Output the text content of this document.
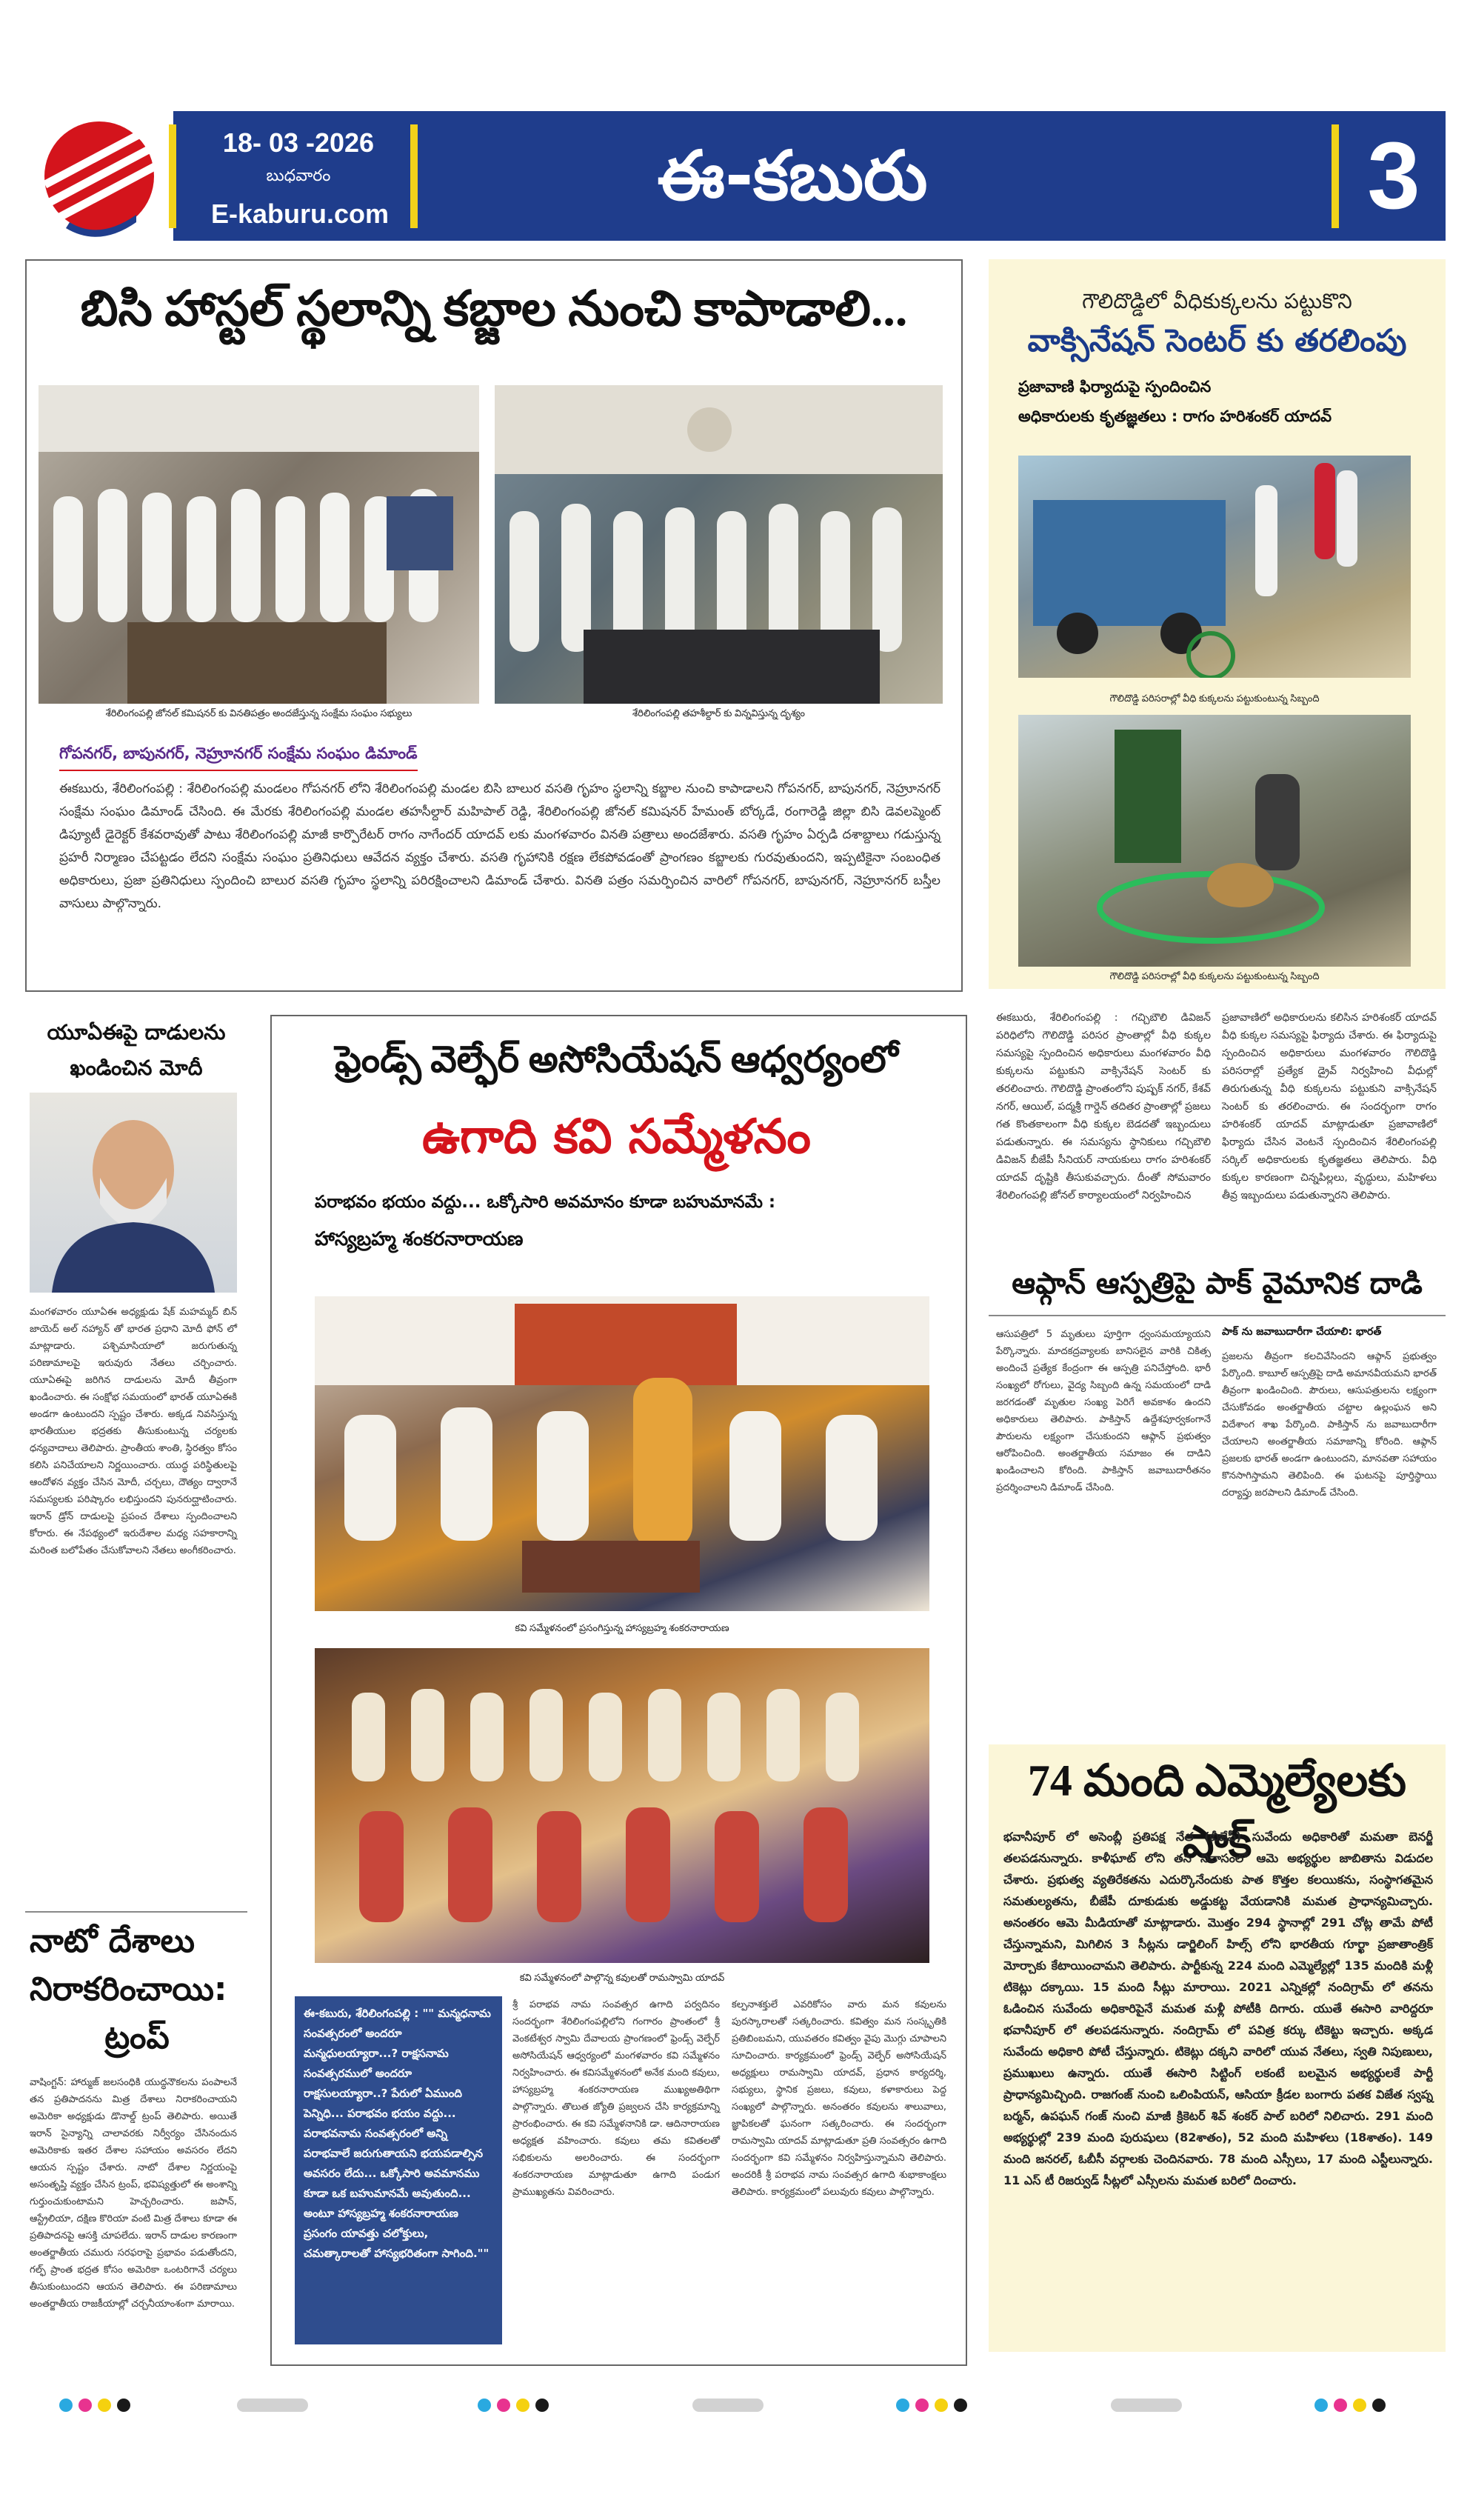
18- 03 -2026
బుధవారం
E-kaburu.com	ఈ-కబురు	3
బిసి హాస్టల్ స్థలాన్ని కబ్జాల నుంచి కాపాడాలి...
శేరిలింగంపల్లి జోనల్ కమిషనర్ కు వినతిపత్రం అందజేస్తున్న సంక్షేమ సంఘం సభ్యులు	శేరిలింగంపల్లి తహశీల్దార్ కు విన్నవిస్తున్న దృశ్యం
గోపనగర్, బాపునగర్, నెహ్రూనగర్ సంక్షేమ సంఘం డిమాండ్
ఈకబురు, శేరిలింగంపల్లి : శేరిలింగంపల్లి మండలం గోపనగర్ లోని శేరిలింగంపల్లి మండల బిసి బాలుర వసతి గృహం స్థలాన్ని కబ్జాల నుంచి కాపాడాలని గోపనగర్, బాపునగర్, నెహ్రూనగర్ సంక్షేమ సంఘం డిమాండ్ చేసింది. ఈ మేరకు శేరిలింగంపల్లి మండల తహసీల్దార్ మహిపాల్ రెడ్డి, శేరిలింగంపల్లి జోనల్ కమిషనర్ హేమంత్ బోర్కడే, రంగారెడ్డి జిల్లా బిసి డెవలప్మెంట్ డిప్యూటీ డైరెక్టర్ కేశవరావుతో పాటు శేరిలింగంపల్లి మాజీ కార్పొరేటర్ రాగం నాగేందర్ యాదవ్ లకు మంగళవారం వినతి పత్రాలు అందజేశారు. వసతి గృహం ఏర్పడి దశాబ్దాలు గడుస్తున్న ప్రహరీ నిర్మాణం చేపట్టడం లేదని సంక్షేమ సంఘం ప్రతినిధులు ఆవేదన వ్యక్తం చేశారు. వసతి గృహానికి రక్షణ లేకపోవడంతో ప్రాంగణం కబ్జాలకు గురవుతుందని, ఇప్పటికైనా సంబంధిత అధికారులు, ప్రజా ప్రతినిధులు స్పందించి బాలుర వసతి గృహం స్థలాన్ని పరిరక్షించాలని డిమాండ్ చేశారు. వినతి పత్రం సమర్పించిన వారిలో గోపనగర్, బాపునగర్, నెహ్రూనగర్ బస్తీల వాసులు పాల్గొన్నారు.
గౌలిదొడ్డిలో వీధికుక్కలను పట్టుకొని
వాక్సినేషన్ సెంటర్ కు తరలింపు
ప్రజావాణి ఫిర్యాదుపై స్పందించిన
అధికారులకు కృతజ్ఞతలు : రాగం హరిశంకర్ యాదవ్
గౌలిదొడ్డి పరిసరాల్లో వీధి కుక్కలను పట్టుకుంటున్న సిబ్బంది
గౌలిదొడ్డి పరిసరాల్లో వీధి కుక్కలను పట్టుకుంటున్న సిబ్బంది
ఈకబురు, శేరిలింగంపల్లి : గచ్చిబౌలి డివిజన్ పరిధిలోని గౌలిదొడ్డి పరిసర ప్రాంతాల్లో వీధి కుక్కల సమస్యపై స్పందించిన అధికారులు మంగళవారం వీధి కుక్కలను పట్టుకుని వాక్సినేషన్ సెంటర్ కు తరలించారు. గౌలిదొడ్డి ప్రాంతంలోని పుష్పక్ నగర్, కేశవ్ నగర్, ఆయిల్, పద్మశ్రీ గార్డెన్ తదితర ప్రాంతాల్లో ప్రజలు గత కొంతకాలంగా వీధి కుక్కల బెడదతో ఇబ్బందులు పడుతున్నారు. ఈ సమస్యను స్థానికులు గచ్చిబౌలి డివిజన్ బీజేపీ సీనియర్ నాయకులు రాగం హరిశంకర్ యాదవ్ దృష్టికి తీసుకువచ్చారు. దీంతో సోమవారం శేరిలింగంపల్లి జోనల్ కార్యాలయంలో నిర్వహించిన
ప్రజావాణిలో అధికారులను కలిసిన హరిశంకర్ యాదవ్ వీధి కుక్కల సమస్యపై ఫిర్యాదు చేశారు. ఈ ఫిర్యాదుపై స్పందించిన అధికారులు మంగళవారం గౌలిదొడ్డి పరిసరాల్లో ప్రత్యేక డ్రైవ్ నిర్వహించి వీధుల్లో తిరుగుతున్న వీధి కుక్కలను పట్టుకుని వాక్సినేషన్ సెంటర్ కు తరలించారు. ఈ సందర్భంగా రాగం హరిశంకర్ యాదవ్ మాట్లాడుతూ ప్రజావాణిలో ఫిర్యాదు చేసిన వెంటనే స్పందించిన శేరిలింగంపల్లి సర్కిల్ అధికారులకు కృతజ్ఞతలు తెలిపారు. వీధి కుక్కల కారణంగా చిన్నపిల్లలు, వృద్ధులు, మహిళలు తీవ్ర ఇబ్బందులు పడుతున్నారని తెలిపారు.
యూఏఈపై దాడులను ఖండించిన మోదీ
మంగళవారం యూఏఈ అధ్యక్షుడు షేక్ మహమ్మద్ బిన్ జాయెద్ అల్ నహ్యాన్ తో భారత ప్రధాని మోదీ ఫోన్ లో మాట్లాడారు. పశ్చిమాసియాలో జరుగుతున్న పరిణామాలపై ఇరువురు నేతలు చర్చించారు. యూఏఈపై జరిగిన దాడులను మోదీ తీవ్రంగా ఖండించారు. ఈ సంక్షోభ సమయంలో భారత్ యూఏఈకి అండగా ఉంటుందని స్పష్టం చేశారు. అక్కడ నివసిస్తున్న భారతీయుల భద్రతకు తీసుకుంటున్న చర్యలకు ధన్యవాదాలు తెలిపారు. ప్రాంతీయ శాంతి, స్థిరత్వం కోసం కలిసి పనిచేయాలని నిర్ణయించారు. యుద్ధ పరిస్థితులపై ఆందోళన వ్యక్తం చేసిన మోదీ, చర్చలు, దౌత్యం ద్వారానే సమస్యలకు పరిష్కారం లభిస్తుందని పునరుద్ఘాటించారు. ఇరాన్ డ్రోన్ దాడులపై ప్రపంచ దేశాలు స్పందించాలని కోరారు. ఈ నేపథ్యంలో ఇరుదేశాల మధ్య సహకారాన్ని మరింత బలోపేతం చేసుకోవాలని నేతలు అంగీకరించారు.
నాటో దేశాలు
నిరాకరించాయి:
ట్రంప్
వాషింగ్టన్: హార్ముజ్ జలసంధికి యుద్ధనౌకలను పంపాలనే తన ప్రతిపాదనను మిత్ర దేశాలు నిరాకరించాయని అమెరికా అధ్యక్షుడు డొనాల్డ్ ట్రంప్ తెలిపారు. అయితే ఇరాన్ సైన్యాన్ని చాలావరకు నిర్వీర్యం చేసినందున అమెరికాకు ఇతర దేశాల సహాయం అవసరం లేదని ఆయన స్పష్టం చేశారు. నాటో దేశాల నిర్ణయంపై అసంతృప్తి వ్యక్తం చేసిన ట్రంప్, భవిష్యత్తులో ఈ అంశాన్ని గుర్తుంచుకుంటామని హెచ్చరించారు. జపాన్, ఆస్ట్రేలియా, దక్షిణ కొరియా వంటి మిత్ర దేశాలు కూడా ఈ ప్రతిపాదనపై ఆసక్తి చూపలేదు. ఇరాన్ దాడుల కారణంగా అంతర్జాతీయ చమురు సరఫరాపై ప్రభావం పడుతోందని, గల్ఫ్ ప్రాంత భద్రత కోసం అమెరికా ఒంటరిగానే చర్యలు తీసుకుంటుందని ఆయన తెలిపారు. ఈ పరిణామాలు అంతర్జాతీయ రాజకీయాల్లో చర్చనీయాంశంగా మారాయి.
ఫ్రెండ్స్ వెల్ఫేర్ అసోసియేషన్ ఆధ్వర్యంలో
ఉగాది కవి సమ్మేళనం
పరాభవం భయం వద్దు... ఒక్కోసారి అవమానం కూడా బహుమానమే :
హాస్యబ్రహ్మ శంకరనారాయణ
కవి సమ్మేళనంలో ప్రసంగిస్తున్న హాస్యబ్రహ్మ శంకరనారాయణ
కవి సమ్మేళనంలో పాల్గొన్న కవులతో రామస్వామి యాదవ్
ఈ-కబురు, శేరిలింగంపల్లి : "" మన్మధనామ సంవత్సరంలో అందరూ మన్మధులయ్యారా...? రాక్షసనామ సంవత్సరములో అందరూ రాక్షసులయ్యారా..? పేరులో ఏముంది పెన్నిధి... పరాభవం భయం వద్దు... పరాభవనామ సంవత్సరంలో అన్ని పరాభవాలే జరుగుతాయని భయపడాల్సిన అవసరం లేదు... ఒక్కోసారి అవమానము కూడా ఒక బహుమానమే అవుతుంది... అంటూ హాస్యబ్రహ్మ శంకరనారాయణ ప్రసంగం యావత్తు చలోక్తులు, చమత్కారాలతో హాస్యభరితంగా సాగింది.""
శ్రీ పరాభవ నామ సంవత్సర ఉగాది పర్వదినం సందర్భంగా శేరిలింగంపల్లిలోని గంగారం ప్రాంతంలో శ్రీ వెంకటేశ్వర స్వామి దేవాలయ ప్రాంగణంలో ఫ్రెండ్స్ వెల్ఫేర్ అసోసియేషన్ ఆధ్వర్యంలో మంగళవారం కవి సమ్మేళనం నిర్వహించారు. ఈ కవిసమ్మేళనంలో అనేక మంది కవులు, హాస్యబ్రహ్మ శంకరనారాయణ ముఖ్యఅతిథిగా పాల్గొన్నారు. తొలుత జ్యోతి ప్రజ్వలన చేసి కార్యక్రమాన్ని ప్రారంభించారు. ఈ కవి సమ్మేళనానికి డా. ఆదినారాయణ అధ్యక్షత వహించారు. కవులు తమ కవితలతో సభికులను అలరించారు. ఈ సందర్భంగా శంకరనారాయణ మాట్లాడుతూ ఉగాది పండుగ ప్రాముఖ్యతను వివరించారు.
కల్పనాశక్తులే ఎవరికోసం వారు మన కవులను పురస్కారాలతో సత్కరించారు. కవిత్వం మన సంస్కృతికి ప్రతిబింబమని, యువతరం కవిత్వం వైపు మొగ్గు చూపాలని సూచించారు. కార్యక్రమంలో ఫ్రెండ్స్ వెల్ఫేర్ అసోసియేషన్ అధ్యక్షులు రామస్వామి యాదవ్, ప్రధాన కార్యదర్శి, సభ్యులు, స్థానిక ప్రజలు, కవులు, కళాకారులు పెద్ద సంఖ్యలో పాల్గొన్నారు. అనంతరం కవులను శాలువాలు, జ్ఞాపికలతో ఘనంగా సత్కరించారు. ఈ సందర్భంగా రామస్వామి యాదవ్ మాట్లాడుతూ ప్రతి సంవత్సరం ఉగాది సందర్భంగా కవి సమ్మేళనం నిర్వహిస్తున్నామని తెలిపారు. అందరికీ శ్రీ పరాభవ నామ సంవత్సర ఉగాది శుభాకాంక్షలు తెలిపారు. కార్యక్రమంలో పలువురు కవులు పాల్గొన్నారు.
ఆఫ్గాన్ ఆస్పత్రిపై పాక్ వైమానిక దాడి
ఆసుపత్రిలో 5 మృతులు పూర్తిగా ధ్వంసమయ్యాయని పేర్కొన్నారు. మాదకద్రవ్యాలకు బానిసలైన వారికి చికిత్స అందించే ప్రత్యేక కేంద్రంగా ఈ ఆస్పత్రి పనిచేస్తోంది. భారీ సంఖ్యలో రోగులు, వైద్య సిబ్బంది ఉన్న సమయంలో దాడి జరగడంతో మృతుల సంఖ్య పెరిగే అవకాశం ఉందని అధికారులు తెలిపారు. పాకిస్తాన్ ఉద్దేశపూర్వకంగానే పౌరులను లక్ష్యంగా చేసుకుందని ఆఫ్గాన్ ప్రభుత్వం ఆరోపించింది. అంతర్జాతీయ సమాజం ఈ దాడిని ఖండించాలని కోరింది. పాకిస్తాన్ జవాబుదారీతనం ప్రదర్శించాలని డిమాండ్ చేసింది.
పాక్ ను జవాబుదారీగా చేయాలి: భారత్
ప్రజలను తీవ్రంగా కలచివేసిందని ఆఫ్గాన్ ప్రభుత్వం పేర్కొంది. కాబూల్ ఆస్పత్రిపై దాడి అమానవీయమని భారత్ తీవ్రంగా ఖండించింది. పౌరులు, ఆసుపత్రులను లక్ష్యంగా చేసుకోవడం అంతర్జాతీయ చట్టాల ఉల్లంఘన అని విదేశాంగ శాఖ పేర్కొంది. పాకిస్తాన్ ను జవాబుదారీగా చేయాలని అంతర్జాతీయ సమాజాన్ని కోరింది. ఆఫ్గాన్ ప్రజలకు భారత్ అండగా ఉంటుందని, మానవతా సహాయం కొనసాగిస్తామని తెలిపింది. ఈ ఘటనపై పూర్తిస్థాయి దర్యాప్తు జరపాలని డిమాండ్ చేసింది.
74 మంది ఎమ్మెల్యేలకు షాక్
భవానీపూర్ లో అసెంబ్లీ ప్రతిపక్ష నేత (బీజేపీ) సువేందు అధికారితో మమతా బెనర్జీ తలపడనున్నారు. కాళీఘాట్ లోని తన నివాసంలో ఆమె అభ్యర్థుల జాబితాను విడుదల చేశారు. ప్రభుత్వ వ్యతిరేకతను ఎదుర్కొనేందుకు పాత కొత్తల కలయికను, సంస్థాగతమైన సమతుల్యతను, బీజేపీ దూకుడుకు అడ్డుకట్ట వేయడానికి మమత ప్రాధాన్యమిచ్చారు. అనంతరం ఆమె మీడియాతో మాట్లాడారు. మొత్తం 294 స్థానాల్లో 291 చోట్ల తామే పోటీ చేస్తున్నామని, మిగిలిన 3 సీట్లను డార్జిలింగ్ హిల్స్ లోని భారతీయ గూర్ఖా ప్రజాతాంత్రిక్ మోర్చాకు కేటాయించామని తెలిపారు. పార్టీకున్న 224 మంది ఎమ్మెల్యేల్లో 135 మందికి మళ్లీ టికెట్లు దక్కాయి. 15 మంది సీట్లు మారాయి. 2021 ఎన్నికల్లో నందిగ్రామ్ లో తనను ఓడించిన సువేందు అధికారిపైనే మమత మళ్లీ పోటీకి దిగారు. యుతే ఈసారి వారిద్దరూ భవానీపూర్ లో తలపడనున్నారు. నందిగ్రామ్ లో పవిత్ర కర్కు టికెట్టు ఇచ్చారు. అక్కడ సువేందు అధికారి పోటీ చేస్తున్నారు. టికెట్లు దక్కని వారిలో యువ నేతలు, స్వతి నిపుణులు, ప్రముఖులు ఉన్నారు. యుతే ఈసారి సిట్టింగ్ లకంటే బలమైన అభ్యర్థులకే పార్టీ ప్రాధాన్యమిచ్చింది. రాజగంజ్ నుంచి ఒలింపియన్, ఆసియా క్రీడల బంగారు పతక విజేత స్వప్న బర్మన్, ఉపఘన్ గంజ్ నుంచి మాజీ క్రికెటర్ శివ్ శంకర్ పాల్ బరిలో నిలిచారు. 291 మంది అభ్యర్థుల్లో 239 మంది పురుషులు (82శాతం), 52 మంది మహిళలు (18శాతం). 149 మంది జనరల్, ఓబీసీ వర్గాలకు చెందినవారు. 78 మంది ఎస్సీలు, 17 మంది ఎస్టీలున్నారు. 11 ఎస్ టీ రిజర్వుడ్ సీట్లలో ఎస్సీలను మమత బరిలో దించారు.
